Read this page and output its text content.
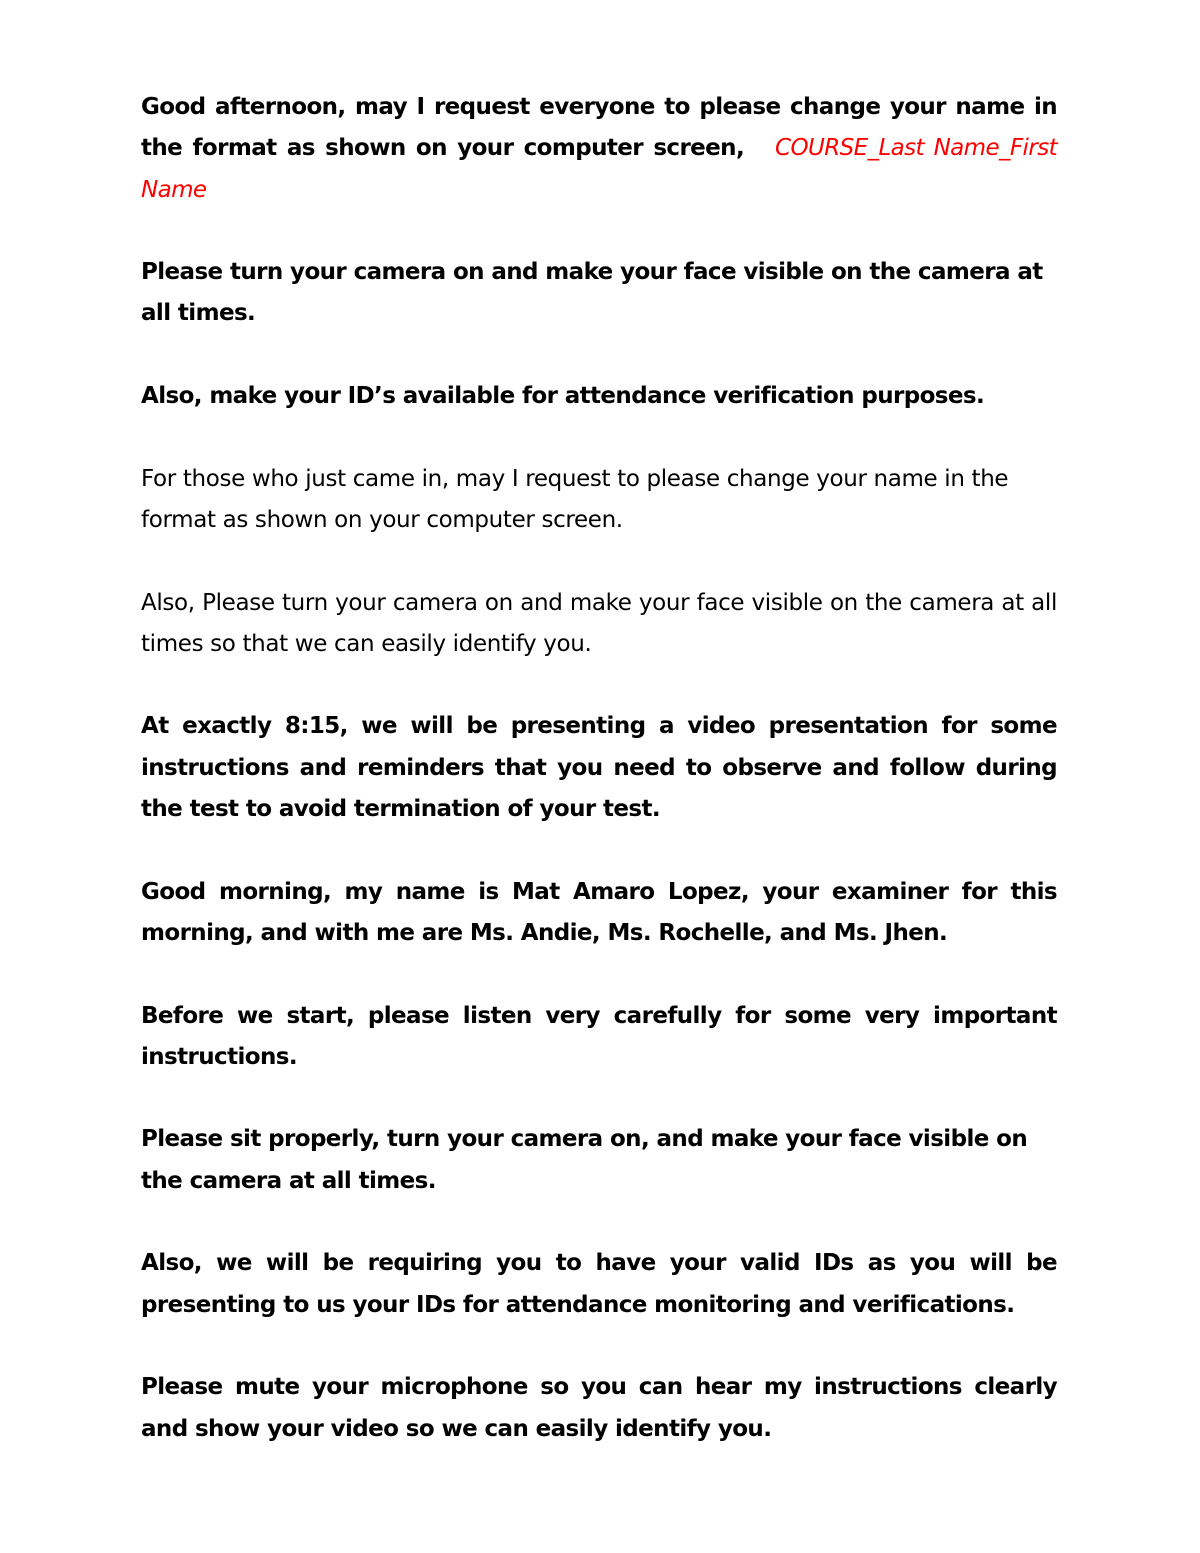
Good afternoon, may I request everyone to please change your name in the format as shown on your computer screen, COURSE_Last Name_First Name

Please turn your camera on and make your face visible on the camera at all times.

Also, make your ID’s available for attendance verification purposes.

For those who just came in, may I request to please change your name in the format as shown on your computer screen.

Also, Please turn your camera on and make your face visible on the camera at all times so that we can easily identify you.

At exactly 8:15, we will be presenting a video presentation for some instructions and reminders that you need to observe and follow during the test to avoid termination of your test.

Good morning, my name is Mat Amaro Lopez, your examiner for this morning, and with me are Ms. Andie, Ms. Rochelle, and Ms. Jhen.

Before we start, please listen very carefully for some very important instructions.

Please sit properly, turn your camera on, and make your face visible on the camera at all times.

Also, we will be requiring you to have your valid IDs as you will be presenting to us your IDs for attendance monitoring and verifications.

Please mute your microphone so you can hear my instructions clearly and show your video so we can easily identify you.
